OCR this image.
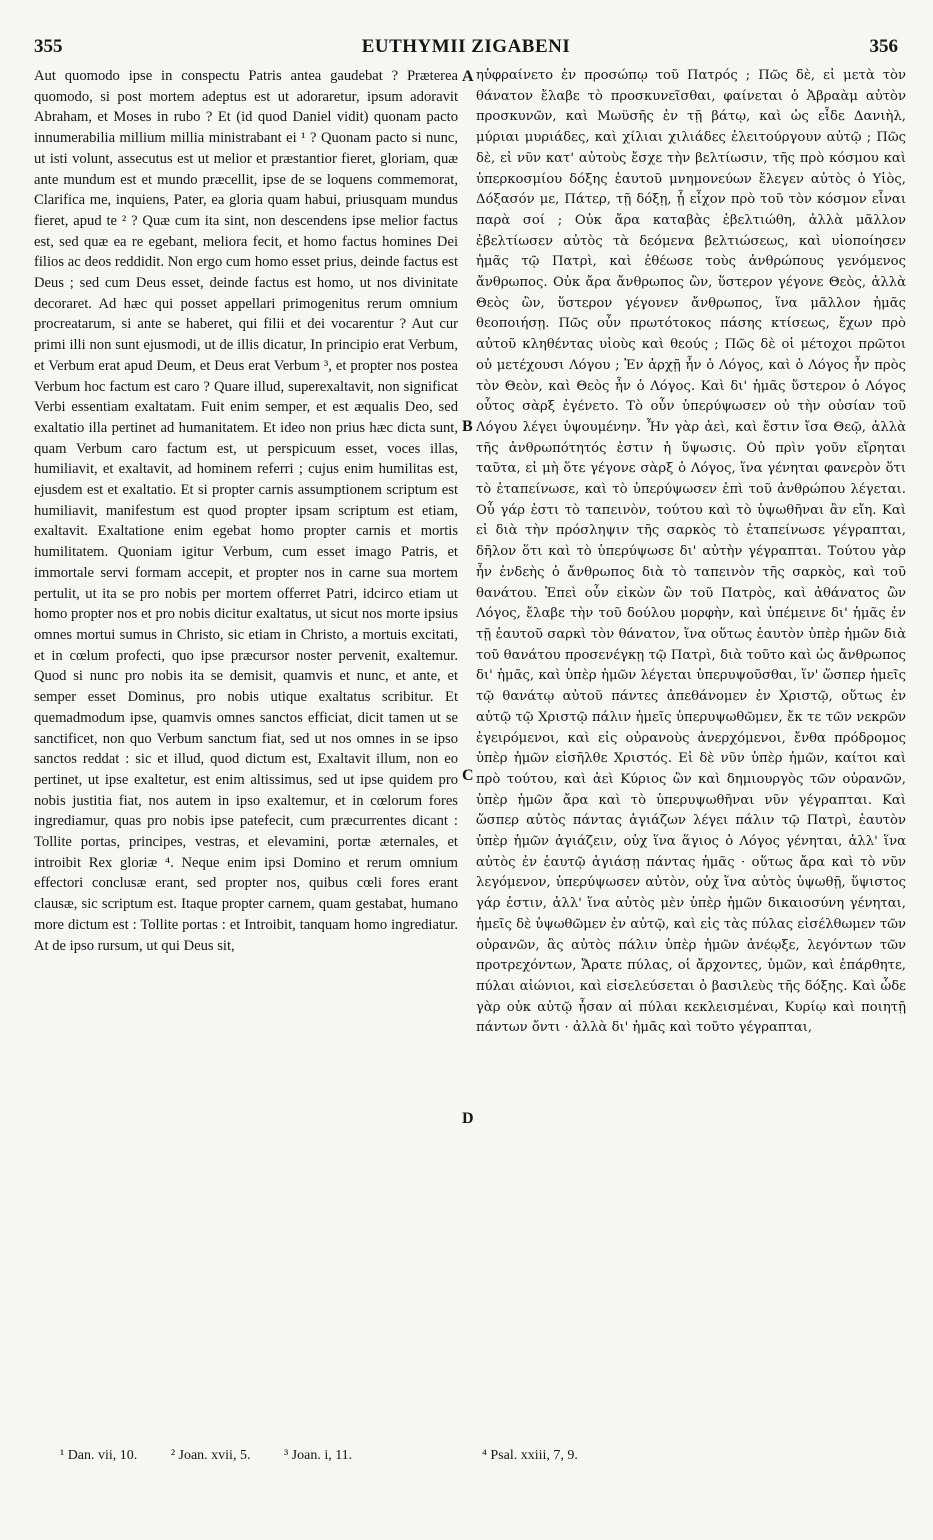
355	EUTHYMII ZIGABENI	356

Aut quomodo ipse in conspectu Patris antea gaudebat ? Præterea quomodo, si post mortem adeptus est ut adoraretur, ipsum adoravit Abraham, et Moses in rubo ? Et (id quod Daniel vidit) quonam pacto innumerabilia millium millia ministrabant ei ¹ ? Quonam pacto si nunc, ut isti volunt, assecutus est ut melior et præstantior fieret, gloriam, quæ ante mundum est et mundo præcellit, ipse de se loquens commemorat, Clarifica me, inquiens, Pater, ea gloria quam habui, priusquam mundus fieret, apud te ² ? Quæ cum ita sint, non descendens ipse melior factus est, sed quæ ea re egebant, meliora fecit, et homo factus homines Dei filios ac deos reddidit. Non ergo cum homo esset prius, deinde factus est Deus ; sed cum Deus esset, deinde factus est homo, ut nos divinitate decoraret. Ad hæc qui posset appellari primogenitus rerum omnium procreatarum, si ante se haberet, qui filii et dei vocarentur ? Aut cur primi illi non sunt ejusmodi, ut de illis dicatur, In principio erat Verbum, et Verbum erat apud Deum, et Deus erat Verbum ³, et propter nos postea Verbum hoc factum est caro ? Quare illud, superexaltavit, non significat Verbi essentiam exaltatam. Fuit enim semper, et est æqualis Deo, sed exaltatio illa pertinet ad humanitatem. Et ideo non prius hæc dicta sunt, quam Verbum caro factum est, ut perspicuum esset, voces illas, humiliavit, et exaltavit, ad hominem referri ; cujus enim humilitas est, ejusdem est et exaltatio. Et si propter carnis assumptionem scriptum est humiliavit, manifestum est quod propter ipsam scriptum est etiam, exaltavit. Exaltatione enim egebat homo propter carnis et mortis humilitatem. Quoniam igitur Verbum, cum esset imago Patris, et immortale servi formam accepit, et propter nos in carne sua mortem pertulit, ut ita se pro nobis per mortem offerret Patri, idcirco etiam ut homo propter nos et pro nobis dicitur exaltatus, ut sicut nos morte ipsius omnes mortui sumus in Christo, sic etiam in Christo, a mortuis excitati, et in cœlum profecti, quo ipse præcursor noster pervenit, exaltemur. Quod si nunc pro nobis ita se demisit, quamvis et nunc, et ante, et semper esset Dominus, pro nobis utique exaltatus scribitur. Et quemadmodum ipse, quamvis omnes sanctos efficiat, dicit tamen ut se sanctificet, non quo Verbum sanctum fiat, sed ut nos omnes in se ipso sanctos reddat : sic et illud, quod dictum est, Exaltavit illum, non eo pertinet, ut ipse exaltetur, est enim altissimus, sed ut ipse quidem pro nobis justitia fiat, nos autem in ipso exaltemur, et in cœlorum fores ingrediamur, quas pro nobis ipse patefecit, cum præcurrentes dicant : Tollite portas, principes, vestras, et elevamini, portæ æternales, et introibit Rex gloriæ ⁴. Neque enim ipsi Domino et rerum omnium effectori conclusæ erant, sed propter nos, quibus cœli fores erant clausæ, sic scriptum est. Itaque propter carnem, quam gestabat, humano more dictum est : Tollite portas : et Introibit, tanquam homo ingrediatur. At de ipso rursum, ut qui Deus sit,

A
B
C
D

ηὐφραίνετο ἐν προσώπῳ τοῦ Πατρός ; Πῶς δὲ, εἰ μετὰ τὸν θάνατον ἔλαβε τὸ προσκυνεῖσθαι, φαίνεται ὁ Ἀβραὰμ αὐτὸν προσκυνῶν, καὶ Μωϋσῆς ἐν τῇ βάτῳ, καὶ ὡς εἶδε Δανιὴλ, μύριαι μυριάδες, καὶ χίλιαι χιλιάδες ἐλειτούργουν αὐτῷ ; Πῶς δὲ, εἰ νῦν κατ' αὐτοὺς ἔσχε τὴν βελτίωσιν, τῆς πρὸ κόσμου καὶ ὑπερκοσμίου δόξης ἑαυτοῦ μνημονεύων ἔλεγεν αὐτὸς ὁ Υἱὸς, Δόξασόν με, Πάτερ, τῇ δόξῃ, ᾗ εἶχον πρὸ τοῦ τὸν κόσμον εἶναι παρὰ σοί ; Οὐκ ἄρα καταβὰς ἐβελτιώθη, ἀλλὰ μᾶλλον ἐβελτίωσεν αὐτὸς τὰ δεόμενα βελτιώσεως, καὶ υἱοποίησεν ἡμᾶς τῷ Πατρὶ, καὶ ἐθέωσε τοὺς ἀνθρώπους γενόμενος ἄνθρωπος. Οὐκ ἄρα ἄνθρωπος ὢν, ὕστερον γέγονε Θεὸς, ἀλλὰ Θεὸς ὢν, ὕστερον γέγονεν ἄνθρωπος, ἵνα μᾶλλον ἡμᾶς θεοποιήσῃ. Πῶς οὖν πρωτότοκος πάσης κτίσεως, ἔχων πρὸ αὐτοῦ κληθέντας υἱοὺς καὶ θεούς ; Πῶς δὲ οἱ μέτοχοι πρῶτοι οὐ μετέχουσι Λόγου ; Ἐν ἀρχῇ ἦν ὁ Λόγος, καὶ ὁ Λόγος ἦν πρὸς τὸν Θεὸν, καὶ Θεὸς ἦν ὁ Λόγος. Καὶ δι' ἡμᾶς ὕστερον ὁ Λόγος οὗτος σὰρξ ἐγένετο. Τὸ οὖν ὑπερύψωσεν οὐ τὴν οὐσίαν τοῦ Λόγου λέγει ὑψουμένην. Ἦν γὰρ ἀεὶ, καὶ ἔστιν ἴσα Θεῷ, ἀλλὰ τῆς ἀνθρωπότητός ἐστιν ἡ ὕψωσις. Οὐ πρὶν γοῦν εἴρηται ταῦτα, εἰ μὴ ὅτε γέγονε σὰρξ ὁ Λόγος, ἵνα γένηται φανερὸν ὅτι τὸ ἐταπείνωσε, καὶ τὸ ὑπερύψωσεν ἐπὶ τοῦ ἀνθρώπου λέγεται. Οὗ γάρ ἐστι τὸ ταπεινὸν, τούτου καὶ τὸ ὑψωθῆναι ἂν εἴη. Καὶ εἰ διὰ τὴν πρόσληψιν τῆς σαρκὸς τὸ ἐταπείνωσε γέγραπται, δῆλον ὅτι καὶ τὸ ὑπερύψωσε δι' αὐτὴν γέγραπται. Τούτου γὰρ ἦν ἐνδεὴς ὁ ἄνθρωπος διὰ τὸ ταπεινὸν τῆς σαρκὸς, καὶ τοῦ θανάτου. Ἐπεὶ οὖν εἰκὼν ὢν τοῦ Πατρὸς, καὶ ἀθάνατος ὢν Λόγος, ἔλαβε τὴν τοῦ δούλου μορφὴν, καὶ ὑπέμεινε δι' ἡμᾶς ἐν τῇ ἑαυτοῦ σαρκὶ τὸν θάνατον, ἵνα οὕτως ἑαυτὸν ὑπὲρ ἡμῶν διὰ τοῦ θανάτου προσενέγκῃ τῷ Πατρὶ, διὰ τοῦτο καὶ ὡς ἄνθρωπος δι' ἡμᾶς, καὶ ὑπὲρ ἡμῶν λέγεται ὑπερυψοῦσθαι, ἵν' ὥσπερ ἡμεῖς τῷ θανάτῳ αὐτοῦ πάντες ἀπεθάνομεν ἐν Χριστῷ, οὕτως ἐν αὐτῷ τῷ Χριστῷ πάλιν ἡμεῖς ὑπερυψωθῶμεν, ἔκ τε τῶν νεκρῶν ἐγειρόμενοι, καὶ εἰς οὐρανοὺς ἀνερχόμενοι, ἔνθα πρόδρομος ὑπὲρ ἡμῶν εἰσῆλθε Χριστός. Εἰ δὲ νῦν ὑπὲρ ἡμῶν, καίτοι καὶ πρὸ τούτου, καὶ ἀεὶ Κύριος ὢν καὶ δημιουργὸς τῶν οὐρανῶν, ὑπὲρ ἡμῶν ἄρα καὶ τὸ ὑπερυψωθῆναι νῦν γέγραπται. Καὶ ὥσπερ αὐτὸς πάντας ἁγιάζων λέγει πάλιν τῷ Πατρὶ, ἑαυτὸν ὑπὲρ ἡμῶν ἁγιάζειν, οὐχ ἵνα ἅγιος ὁ Λόγος γένηται, ἀλλ' ἵνα αὐτὸς ἐν ἑαυτῷ ἁγιάσῃ πάντας ἡμᾶς · οὕτως ἄρα καὶ τὸ νῦν λεγόμενον, ὑπερύψωσεν αὐτὸν, οὐχ ἵνα αὐτὸς ὑψωθῇ, ὕψιστος γάρ ἐστιν, ἀλλ' ἵνα αὐτὸς μὲν ὑπὲρ ἡμῶν δικαιοσύνη γένηται, ἡμεῖς δὲ ὑψωθῶμεν ἐν αὐτῷ, καὶ εἰς τὰς πύλας εἰσέλθωμεν τῶν οὐρανῶν, ἃς αὐτὸς πάλιν ὑπὲρ ἡμῶν ἀνέῳξε, λεγόντων τῶν προτρεχόντων, Ἄρατε πύλας, οἱ ἄρχοντες, ὑμῶν, καὶ ἐπάρθητε, πύλαι αἰώνιοι, καὶ εἰσελεύσεται ὁ βασιλεὺς τῆς δόξης. Καὶ ὧδε γὰρ οὐκ αὐτῷ ἦσαν αἱ πύλαι κεκλεισμέναι, Κυρίῳ καὶ ποιητῇ πάντων ὄντι · ἀλλὰ δι' ἡμᾶς καὶ τοῦτο γέγραπται,

¹ Dan. vii, 10. ² Joan. xvii, 5. ³ Joan. i, 11.	⁴ Psal. xxiii, 7, 9.
